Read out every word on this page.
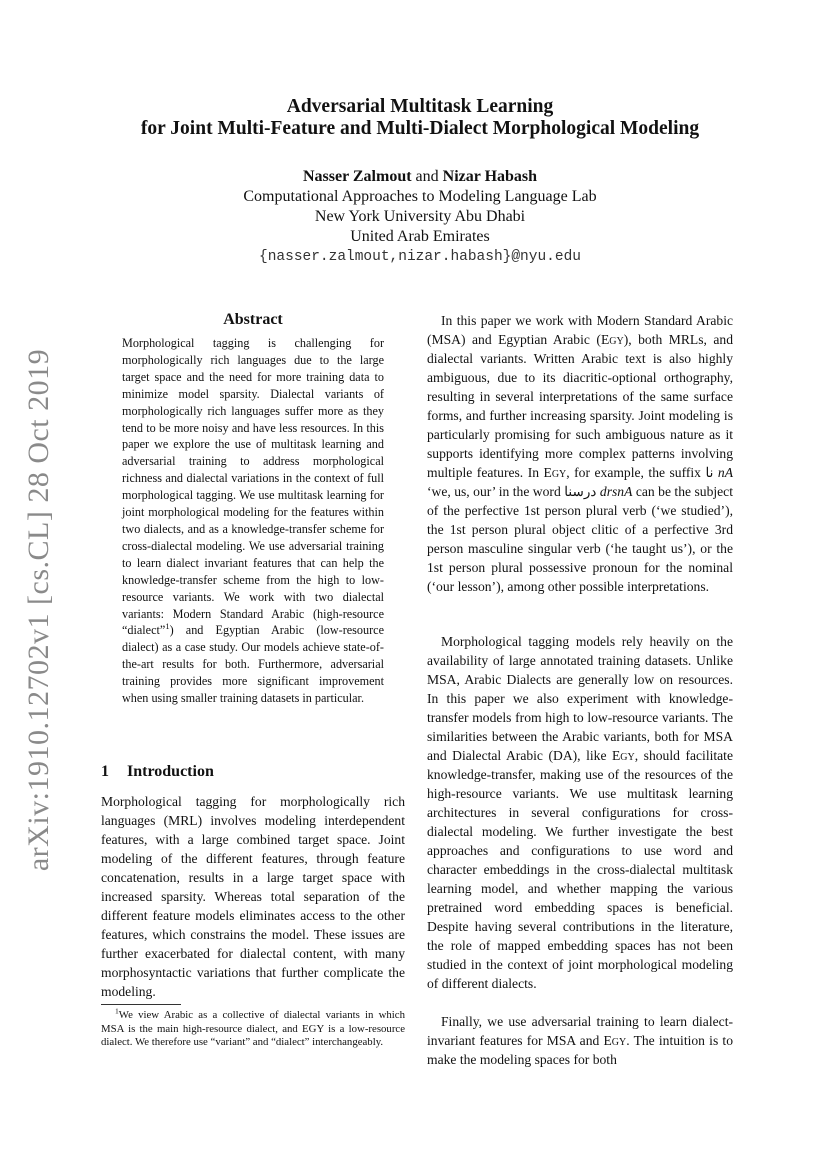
arXiv:1910.12702v1 [cs.CL] 28 Oct 2019
Adversarial Multitask Learning
for Joint Multi-Feature and Multi-Dialect Morphological Modeling
Nasser Zalmout and Nizar Habash
Computational Approaches to Modeling Language Lab
New York University Abu Dhabi
United Arab Emirates
{nasser.zalmout,nizar.habash}@nyu.edu
Abstract
Morphological tagging is challenging for morphologically rich languages due to the large target space and the need for more training data to minimize model sparsity. Dialectal variants of morphologically rich languages suffer more as they tend to be more noisy and have less resources. In this paper we explore the use of multitask learning and adversarial training to address morphological richness and dialectal variations in the context of full morphological tagging. We use multitask learning for joint morphological modeling for the features within two dialects, and as a knowledge-transfer scheme for cross-dialectal modeling. We use adversarial training to learn dialect invariant features that can help the knowledge-transfer scheme from the high to low-resource variants. We work with two dialectal variants: Modern Standard Arabic (high-resource “dialect”$^1$) and Egyptian Arabic (low-resource dialect) as a case study. Our models achieve state-of-the-art results for both. Furthermore, adversarial training provides more significant improvement when using smaller training datasets in particular.
1 Introduction
Morphological tagging for morphologically rich languages (MRL) involves modeling interdependent features, with a large combined target space. Joint modeling of the different features, through feature concatenation, results in a large target space with increased sparsity. Whereas total separation of the different feature models eliminates access to the other features, which constrains the model. These issues are further exacerbated for dialectal content, with many morphosyntactic variations that further complicate the modeling.
$^1$We view Arabic as a collective of dialectal variants in which MSA is the main high-resource dialect, and EGY is a low-resource dialect. We therefore use “variant” and “dialect” interchangeably.
In this paper we work with Modern Standard Arabic (MSA) and Egyptian Arabic (Egy), both MRLs, and dialectal variants. Written Arabic text is also highly ambiguous, due to its diacritic-optional orthography, resulting in several interpretations of the same surface forms, and further increasing sparsity. Joint modeling is particularly promising for such ambiguous nature as it supports identifying more complex patterns involving multiple features. In Egy, for example, the suffix نا nA ‘we, us, our’ in the word درسنا drsnA can be the subject of the perfective 1st person plural verb (‘we studied’), the 1st person plural object clitic of a perfective 3rd person masculine singular verb (‘he taught us’), or the 1st person plural possessive pronoun for the nominal (‘our lesson’), among other possible interpretations.
Morphological tagging models rely heavily on the availability of large annotated training datasets. Unlike MSA, Arabic Dialects are generally low on resources. In this paper we also experiment with knowledge-transfer models from high to low-resource variants. The similarities between the Arabic variants, both for MSA and Dialectal Arabic (DA), like Egy, should facilitate knowledge-transfer, making use of the resources of the high-resource variants. We use multitask learning architectures in several configurations for cross-dialectal modeling. We further investigate the best approaches and configurations to use word and character embeddings in the cross-dialectal multitask learning model, and whether mapping the various pretrained word embedding spaces is beneficial. Despite having several contributions in the literature, the role of mapped embedding spaces has not been studied in the context of joint morphological modeling of different dialects.
Finally, we use adversarial training to learn dialect-invariant features for MSA and Egy. The intuition is to make the modeling spaces for both
